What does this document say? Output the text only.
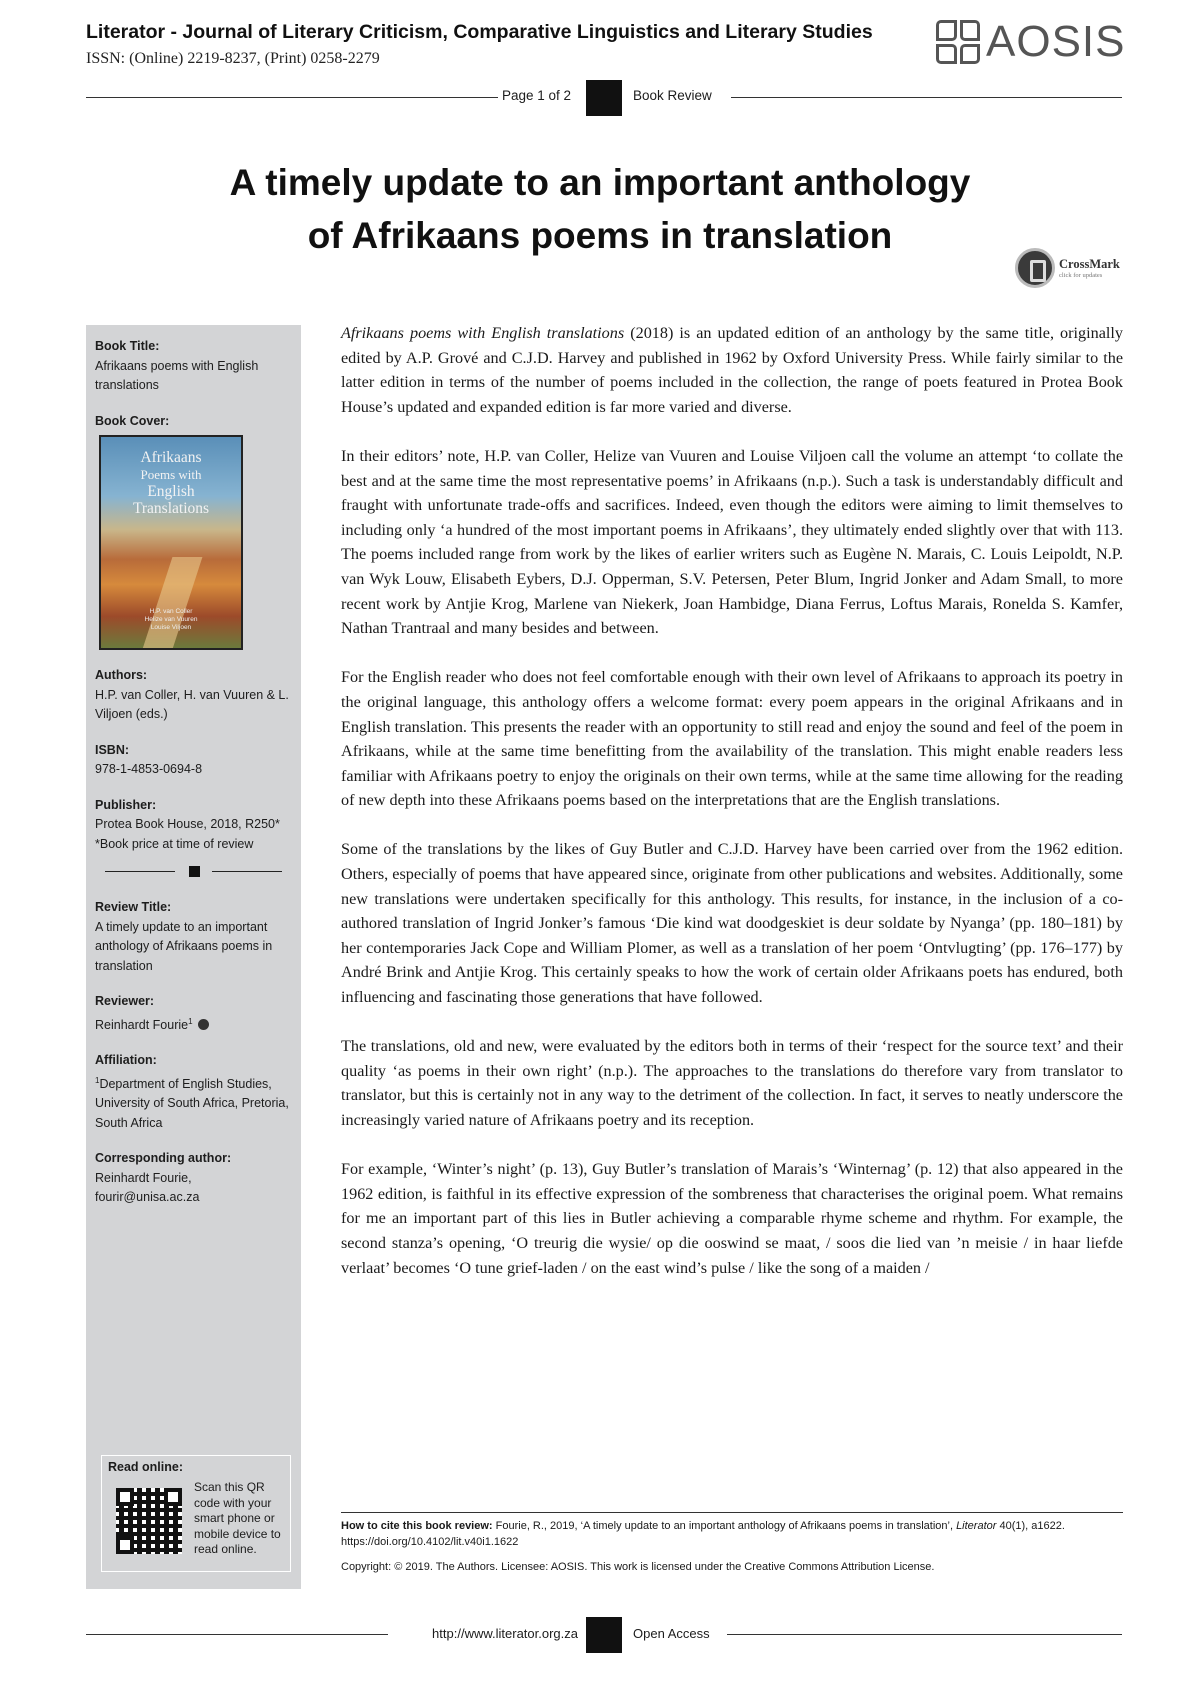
Literator - Journal of Literary Criticism, Comparative Linguistics and Literary Studies
ISSN: (Online) 2219-8237, (Print) 0258-2279	AOSIS
Page 1 of 2	Book Review
A timely update to an important anthology
of Afrikaans poems in translation
CrossMark
click for updates
Book Title:
Afrikaans poems with English translations
Book Cover:
Afrikaans
Poems with
English
Translations
H.P. van Coller
Helize van Vuuren
Louise Viljoen
Authors:
H.P. van Coller, H. van Vuuren & L. Viljoen (eds.)
ISBN:
978-1-4853-0694-8
Publisher:
Protea Book House, 2018, R250*
*Book price at time of review
Review Title:
A timely update to an important anthology of Afrikaans poems in translation
Reviewer:
Reinhardt Fourie$^1$
Affiliation:
$^1$Department of English Studies, University of South Africa, Pretoria, South Africa
Corresponding author:
Reinhardt Fourie,
fourir@unisa.ac.za
Read online:
Scan this QR code with your smart phone or mobile device to read online.

Afrikaans poems with English translations (2018) is an updated edition of an anthology by the same title, originally edited by A.P. Grové and C.J.D. Harvey and published in 1962 by Oxford University Press. While fairly similar to the latter edition in terms of the number of poems included in the collection, the range of poets featured in Protea Book House’s updated and expanded edition is far more varied and diverse.

In their editors’ note, H.P. van Coller, Helize van Vuuren and Louise Viljoen call the volume an attempt ‘to collate the best and at the same time the most representative poems’ in Afrikaans (n.p.). Such a task is understandably difficult and fraught with unfortunate trade-offs and sacrifices. Indeed, even though the editors were aiming to limit themselves to including only ‘a hundred of the most important poems in Afrikaans’, they ultimately ended slightly over that with 113. The poems included range from work by the likes of earlier writers such as Eugène N. Marais, C. Louis Leipoldt, N.P. van Wyk Louw, Elisabeth Eybers, D.J. Opperman, S.V. Petersen, Peter Blum, Ingrid Jonker and Adam Small, to more recent work by Antjie Krog, Marlene van Niekerk, Joan Hambidge, Diana Ferrus, Loftus Marais, Ronelda S. Kamfer, Nathan Trantraal and many besides and between.

For the English reader who does not feel comfortable enough with their own level of Afrikaans to approach its poetry in the original language, this anthology offers a welcome format: every poem appears in the original Afrikaans and in English translation. This presents the reader with an opportunity to still read and enjoy the sound and feel of the poem in Afrikaans, while at the same time benefitting from the availability of the translation. This might enable readers less familiar with Afrikaans poetry to enjoy the originals on their own terms, while at the same time allowing for the reading of new depth into these Afrikaans poems based on the interpretations that are the English translations.

Some of the translations by the likes of Guy Butler and C.J.D. Harvey have been carried over from the 1962 edition. Others, especially of poems that have appeared since, originate from other publications and websites. Additionally, some new translations were undertaken specifically for this anthology. This results, for instance, in the inclusion of a co-authored translation of Ingrid Jonker’s famous ‘Die kind wat doodgeskiet is deur soldate by Nyanga’ (pp. 180–181) by her contemporaries Jack Cope and William Plomer, as well as a translation of her poem ‘Ontvlugting’ (pp. 176–177) by André Brink and Antjie Krog. This certainly speaks to how the work of certain older Afrikaans poets has endured, both influencing and fascinating those generations that have followed.

The translations, old and new, were evaluated by the editors both in terms of their ‘respect for the source text’ and their quality ‘as poems in their own right’ (n.p.). The approaches to the translations do therefore vary from translator to translator, but this is certainly not in any way to the detriment of the collection. In fact, it serves to neatly underscore the increasingly varied nature of Afrikaans poetry and its reception.

For example, ‘Winter’s night’ (p. 13), Guy Butler’s translation of Marais’s ‘Winternag’ (p. 12) that also appeared in the 1962 edition, is faithful in its effective expression of the sombreness that characterises the original poem. What remains for me an important part of this lies in Butler achieving a comparable rhyme scheme and rhythm. For example, the second stanza’s opening, ‘O treurig die wysie/ op die ooswind se maat, / soos die lied van ’n meisie / in haar liefde verlaat’ becomes ‘O tune grief-laden / on the east wind’s pulse / like the song of a maiden /

How to cite this book review: Fourie, R., 2019, ‘A timely update to an important anthology of Afrikaans poems in translation’, Literator 40(1), a1622. https://doi.org/10.4102/lit.v40i1.1622
Copyright: © 2019. The Authors. Licensee: AOSIS. This work is licensed under the Creative Commons Attribution License.
http://www.literator.org.za	Open Access
